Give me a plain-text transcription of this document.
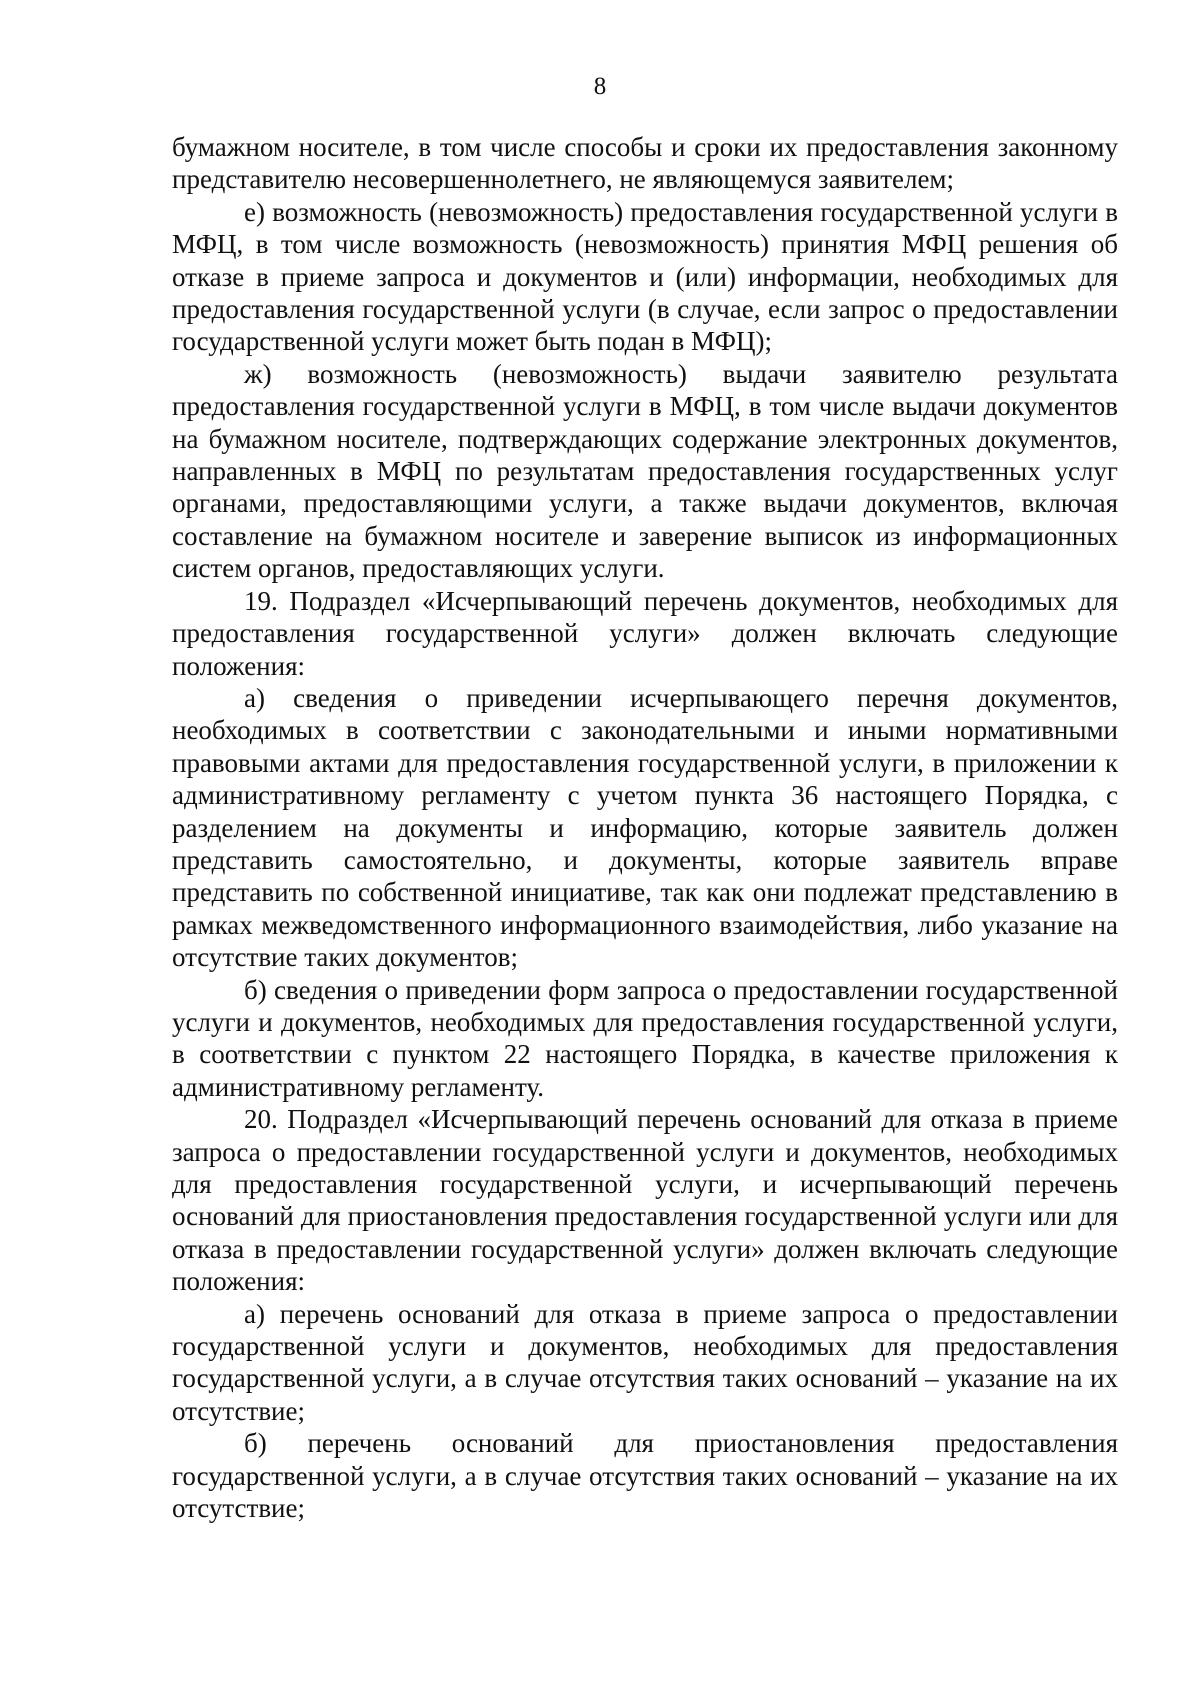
8

бумажном носителе, в том числе способы и сроки их предоставления законному представителю несовершеннолетнего, не являющемуся заявителем;

е) возможность (невозможность) предоставления государственной услуги в МФЦ, в том числе возможность (невозможность) принятия МФЦ решения об отказе в приеме запроса и документов и (или) информации, необходимых для предоставления государственной услуги (в случае, если запрос о предоставлении государственной услуги может быть подан в МФЦ);

ж) возможность (невозможность) выдачи заявителю результата предоставления государственной услуги в МФЦ, в том числе выдачи документов на бумажном носителе, подтверждающих содержание электронных документов, направленных в МФЦ по результатам предоставления государственных услуг органами, предоставляющими услуги, а также выдачи документов, включая составление на бумажном носителе и заверение выписок из информационных систем органов, предоставляющих услуги.

19. Подраздел «Исчерпывающий перечень документов, необходимых для предоставления государственной услуги» должен включать следующие положения:

а) сведения о приведении исчерпывающего перечня документов, необходимых в соответствии с законодательными и иными нормативными правовыми актами для предоставления государственной услуги, в приложении к административному регламенту с учетом пункта 36 настоящего Порядка, с разделением на документы и информацию, которые заявитель должен представить самостоятельно, и документы, которые заявитель вправе представить по собственной инициативе, так как они подлежат представлению в рамках межведомственного информационного взаимодействия, либо указание на отсутствие таких документов;

б) сведения о приведении форм запроса о предоставлении государственной услуги и документов, необходимых для предоставления государственной услуги, в соответствии с пунктом 22 настоящего Порядка, в качестве приложения к административному регламенту.

20. Подраздел «Исчерпывающий перечень оснований для отказа в приеме запроса о предоставлении государственной услуги и документов, необходимых для предоставления государственной услуги, и исчерпывающий перечень оснований для приостановления предоставления государственной услуги или для отказа в предоставлении государственной услуги» должен включать следующие положения:

а) перечень оснований для отказа в приеме запроса о предоставлении государственной услуги и документов, необходимых для предоставления государственной услуги, а в случае отсутствия таких оснований – указание на их отсутствие;

б) перечень оснований для приостановления предоставления государственной услуги, а в случае отсутствия таких оснований – указание на их отсутствие;
